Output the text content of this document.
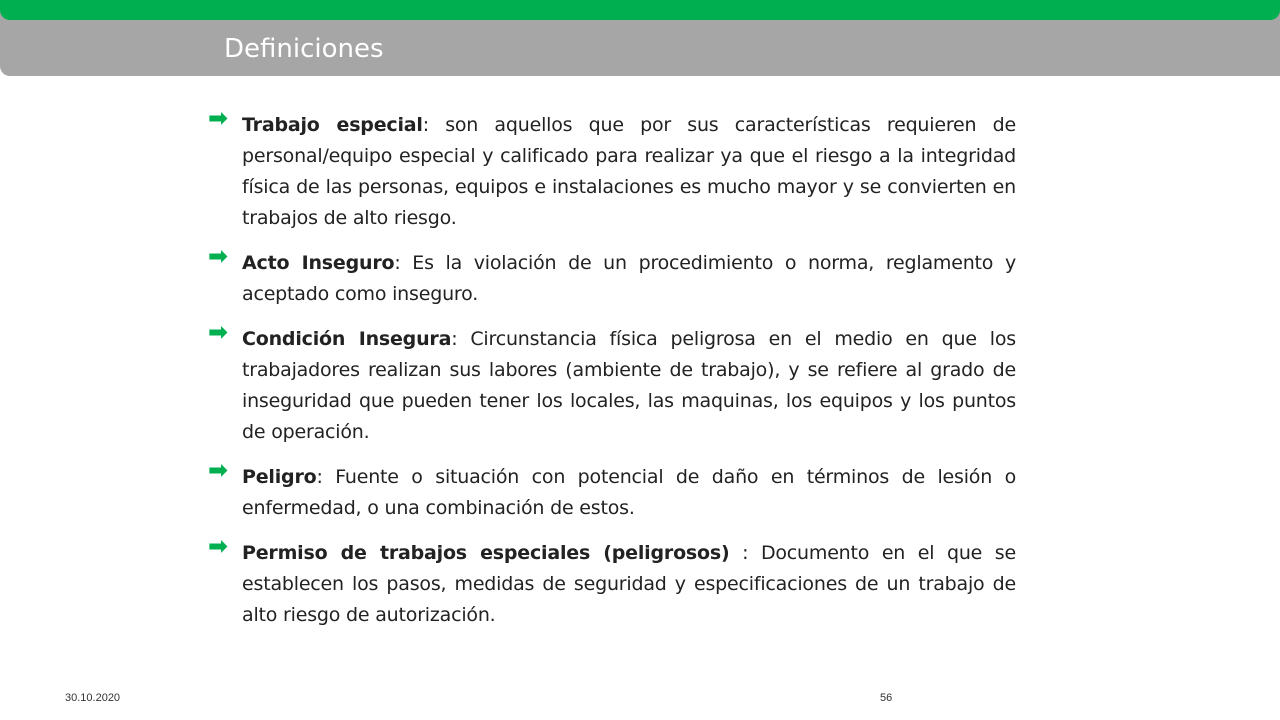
Definiciones
➡ Trabajo especial: son aquellos que por sus características requieren de personal/equipo especial y calificado para realizar ya que el riesgo a la integridad física de las personas, equipos e instalaciones es mucho mayor y se convierten en trabajos de alto riesgo.
➡ Acto Inseguro: Es la violación de un procedimiento o norma, reglamento y aceptado como inseguro.
➡ Condición Insegura: Circunstancia física peligrosa en el medio en que los trabajadores realizan sus labores (ambiente de trabajo), y se refiere al grado de inseguridad que pueden tener los locales, las maquinas, los equipos y los puntos de operación.
➡ Peligro: Fuente o situación con potencial de daño en términos de lesión o enfermedad, o una combinación de estos.
➡ Permiso de trabajos especiales (peligrosos) : Documento en el que se establecen los pasos, medidas de seguridad y especificaciones de un trabajo de alto riesgo de autorización.
30.10.2020	56
